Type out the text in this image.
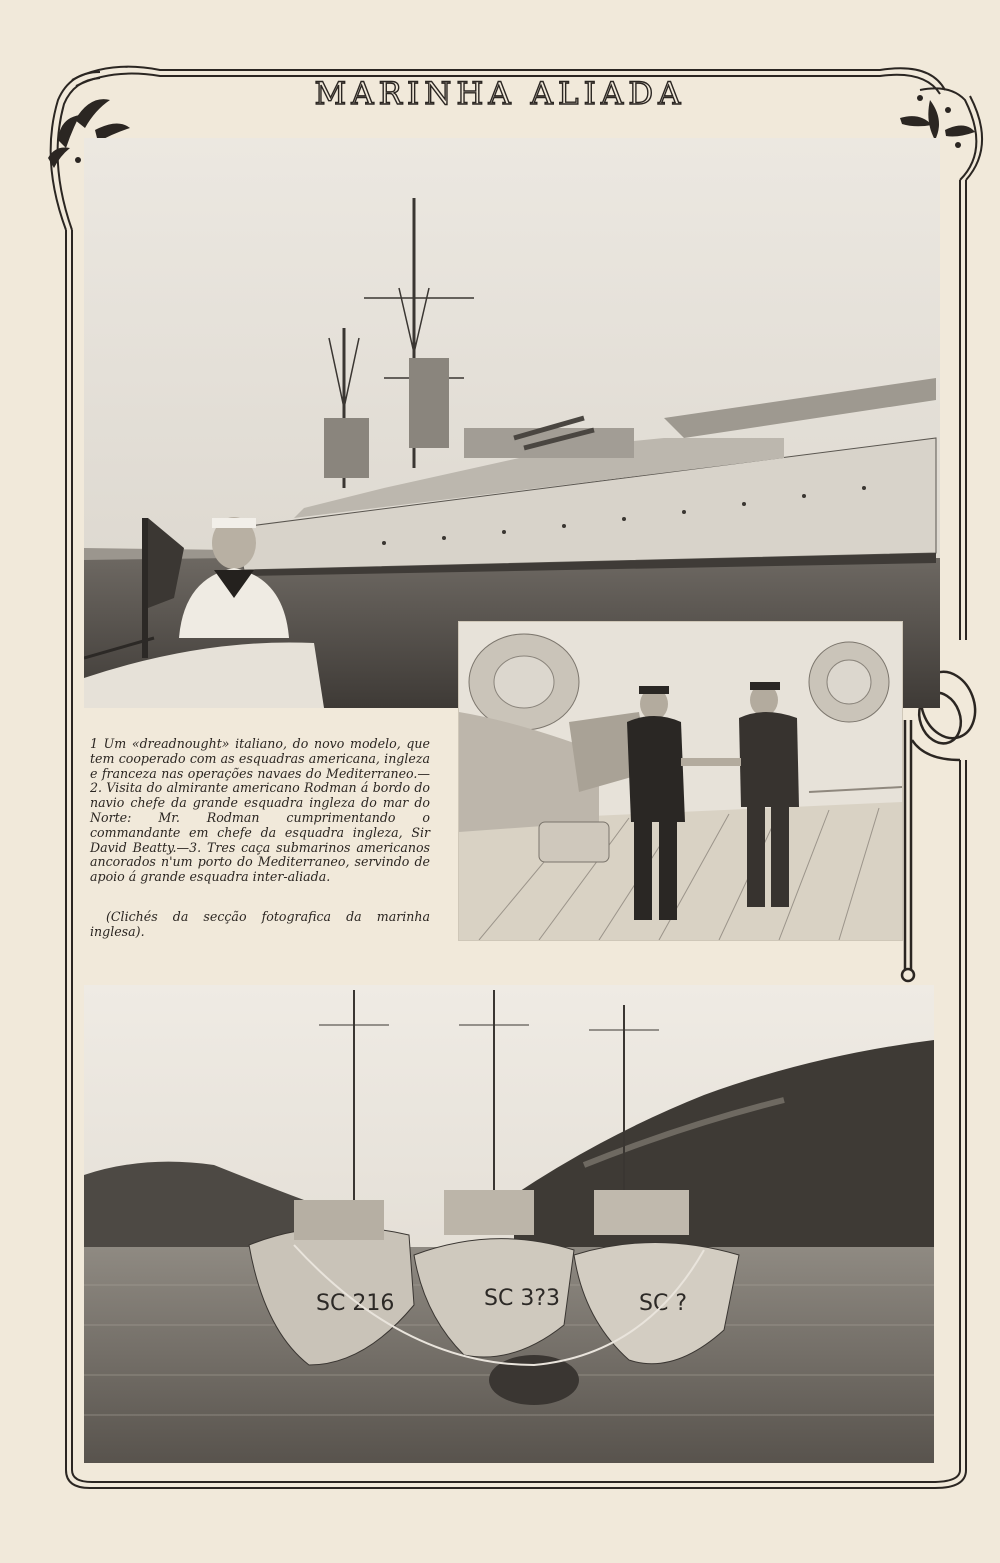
MARINHA ALIADA

1 Um «dreadnought» italiano, do novo modelo, que tem cooperado com as esquadras americana, ingleza e franceza nas operações navaes do Mediterraneo.—2. Visita do almirante americano Rodman á bordo do navio chefe da grande esquadra ingleza do mar do Norte: Mr. Rodman cumprimentando o commandante em chefe da esquadra ingleza, Sir David Beatty.—3. Tres caça submarinos americanos ancorados n'um porto do Mediterraneo, servindo de apoio á grande esquadra inter-aliada.

(Clichés da secção fotografica da marinha inglesa).

SC 216	SC 3?3	SC ?
